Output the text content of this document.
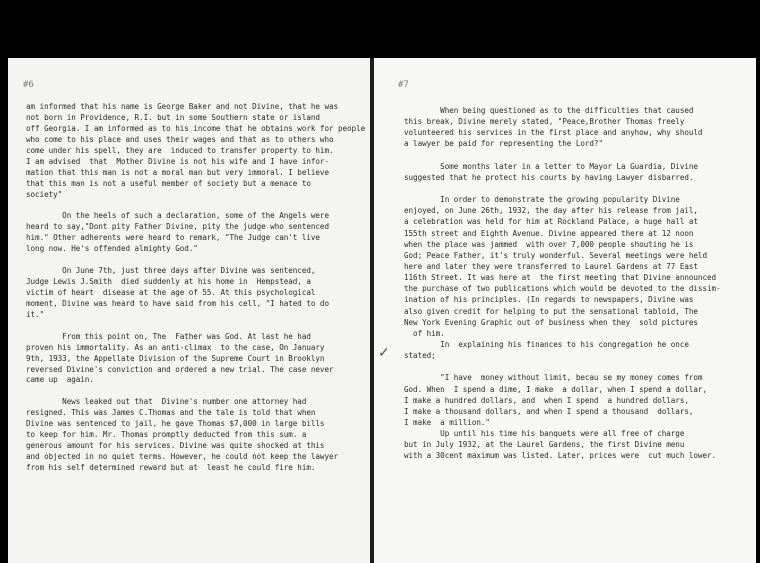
#6
am informed that his name is George Baker and not Divine, that he was
not born in Providence, R.I. but in some Southern state or island
off Georgia. I am informed as to his income that he obtains work for people
who come to his place and uses their wages and that as to others who
come under his spell, they are  induced to transfer property to him.
I am advised  that  Mother Divine is not his wife and I have infor-
mation that this man is not a moral man but very immoral. I believe
that this man is not a useful member of society but a menace to
society"
On the heels of such a declaration, some of the Angels were
heard to say,"Dont pity Father Divine, pity the judge who sentenced
him." Other adherents were heard to remark, "The Judge can't live
long now. He's offended almighty God."
On June 7th, just three days after Divine was sentenced,
Judge Lewis J.Smith  died suddenly at his home in  Hempstead, a
victim of heart  disease at the age of 55. At this psychological
moment, Divine was heard to have said from his cell, "I hated to do
it."
From this point on, The  Father was God. At last he had
proven his immortality. As an anti-climax  to the case, On January
9th, 1933, the Appellate Division of the Supreme Court in Brooklyn
reversed Divine's conviction and ordered a new trial. The case never
came up  again.
News leaked out that  Divine's number one attorney had
resigned. This was James C.Thomas and the tale is told that when
Divine was sentenced to jail, he gave Thomas $7,000 in large bills
to keep for him. Mr. Thomas promptly deducted from this sum. a
generous amount for his services. Divine was quite shocked at this
and objected in no quiet terms. However, he could not keep the lawyer
from his self determined reward but at  least he could fire him.
#7
✓
When being questioned as to the difficulties that caused
this break, Divine merely stated, "Peace,Brother Thomas freely
volunteered his services in the first place and anyhow, why should
a lawyer be paid for representing the Lord?"
Some months later in a letter to Mayor La Guardia, Divine
suggested that he protect his courts by having Lawyer disbarred.
In order to demonstrate the growing popularity Divine
enjoyed, on June 26th, 1932, the day after his release from jail,
a celebration was held for him at Rockland Palace, a huge hall at
155th street and Eighth Avenue. Divine appeared there at 12 noon
when the place was jammed  with over 7,000 people shouting he is
God; Peace Father, it's truly wonderful. Several meetings were held
here and later they were transferred to Laurel Gardens at 77 East
116th Street. It was here at  the first meeting that Divine announced
the purchase of two publications which would be devoted to the dissim-
ination of his principles. (In regards to newspapers, Divine was
also given credit for helping to put the sensational tabloid, The
New York Evening Graphic out of business when they  sold pictures
of him.
In  explaining his finances to his congregation he once
stated;
"I have  money without limit, becau se my money comes from
God. When  I spend a dime, I make  a dollar, when I spend a dollar,
I make a hundred dollars, and  when I spend  a hundred dollars,
I make a thousand dollars, and when I spend a thousand  dollars,
I make  a million."
Up until his time his banquets were all free of charge
but in July 1932, at the Laurel Gardens, the first Divine menu
with a 30cent maximum was listed. Later, prices were  cut much lower.
